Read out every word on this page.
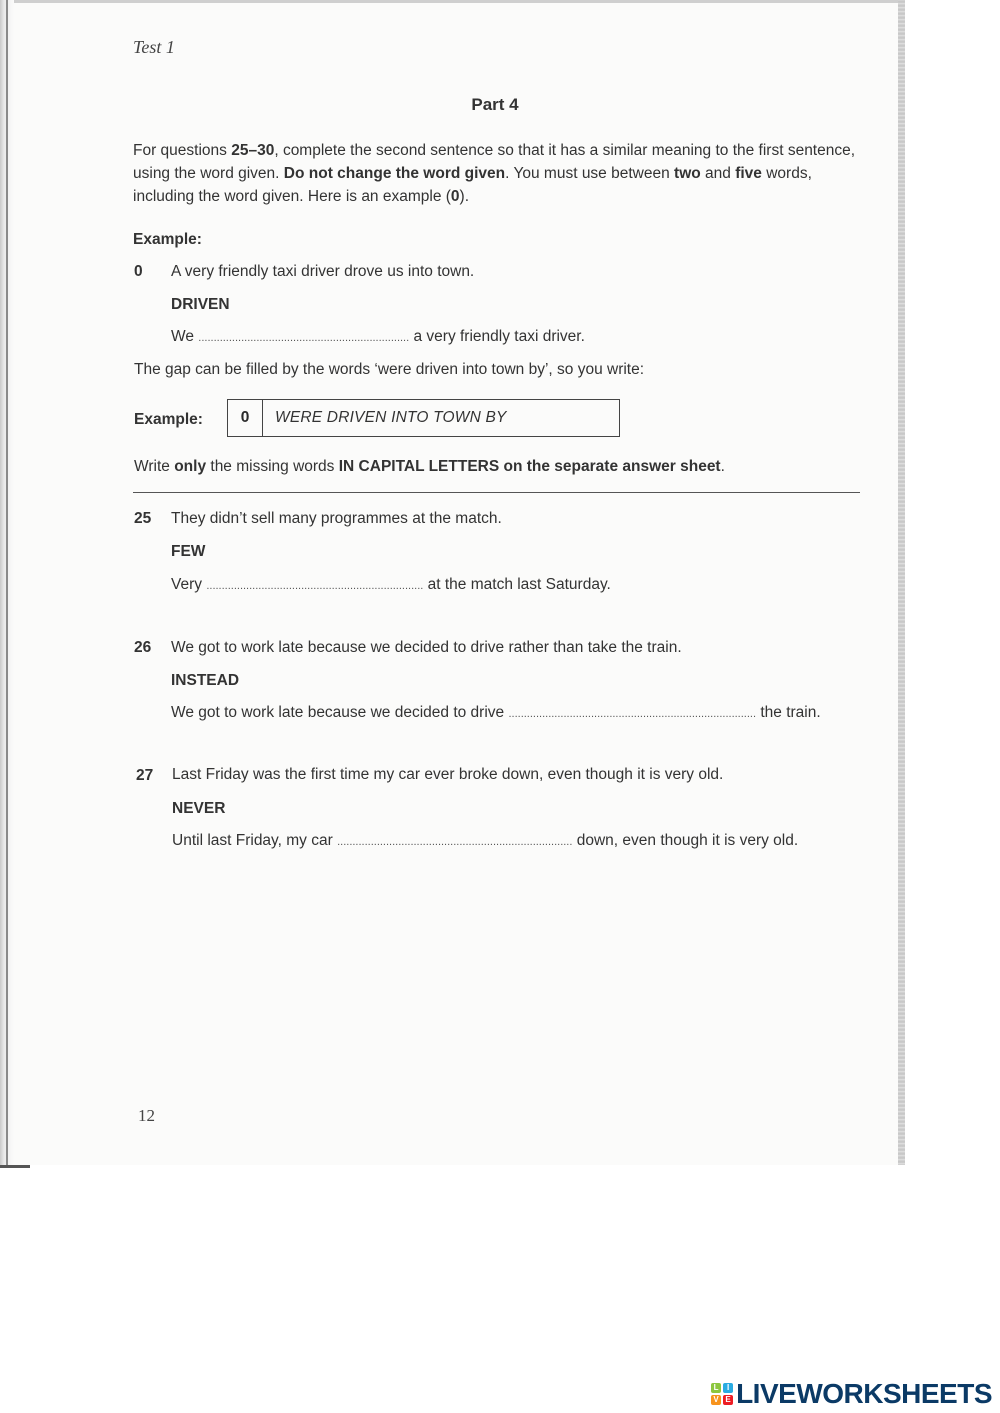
Test 1
Part 4
For questions 25–30, complete the second sentence so that it has a similar meaning to the first sentence, using the word given. Do not change the word given. You must use between two and five words, including the word given. Here is an example (0).
Example:
0 A very friendly taxi driver drove us into town.
DRIVEN
We ..................................................................... a very friendly taxi driver.
The gap can be filled by the words ‘were driven into town by’, so you write:
Example:	0	WERE DRIVEN INTO TOWN BY
Write only the missing words IN CAPITAL LETTERS on the separate answer sheet.
25 They didn’t sell many programmes at the match.
FEW
Very ....................................................................... at the match last Saturday.
26 We got to work late because we decided to drive rather than take the train.
INSTEAD
We got to work late because we decided to drive ................................................................................. the train.
27 Last Friday was the first time my car ever broke down, even though it is very old.
NEVER
Until last Friday, my car ............................................................................. down, even though it is very old.
12
L	I
V E LIVEWORKSHEETS
